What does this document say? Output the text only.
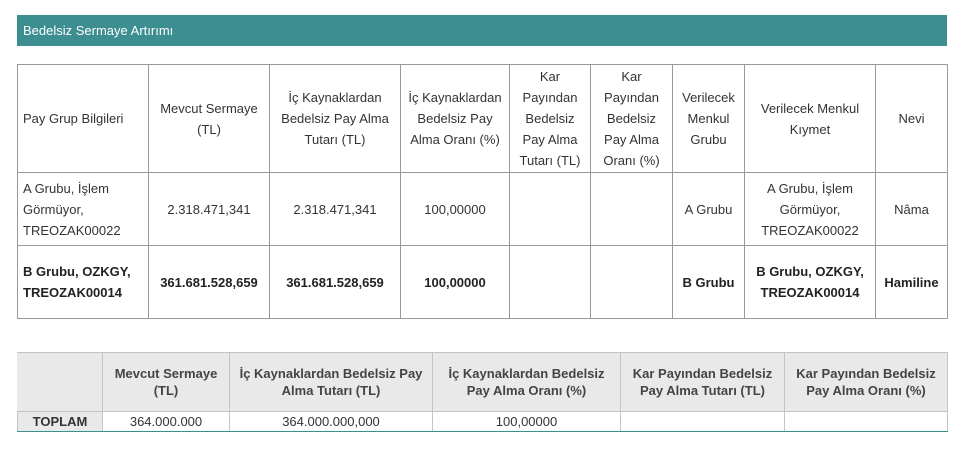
Bedelsiz Sermaye Artırımı
Pay Grup Bilgileri	Mevcut Sermaye (TL)	İç Kaynaklardan Bedelsiz Pay Alma Tutarı (TL)	İç Kaynaklardan Bedelsiz Pay Alma Oranı (%)	Kar Payından Bedelsiz Pay Alma Tutarı (TL)	Kar Payından Bedelsiz Pay Alma Oranı (%)	Verilecek Menkul Grubu	Verilecek Menkul Kıymet	Nevi
A Grubu, İşlem Görmüyor, TREOZAK00022	2.318.471,341	2.318.471,341	100,00000			A Grubu	A Grubu, İşlem Görmüyor, TREOZAK00022	Nâma
B Grubu, OZKGY, TREOZAK00014	361.681.528,659	361.681.528,659	100,00000			B Grubu	B Grubu, OZKGY, TREOZAK00014	Hamiline
	Mevcut Sermaye (TL)	İç Kaynaklardan Bedelsiz Pay Alma Tutarı (TL)	İç Kaynaklardan Bedelsiz Pay Alma Oranı (%)	Kar Payından Bedelsiz Pay Alma Tutarı (TL)	Kar Payından Bedelsiz Pay Alma Oranı (%)
TOPLAM	364.000.000	364.000.000,000	100,00000		
